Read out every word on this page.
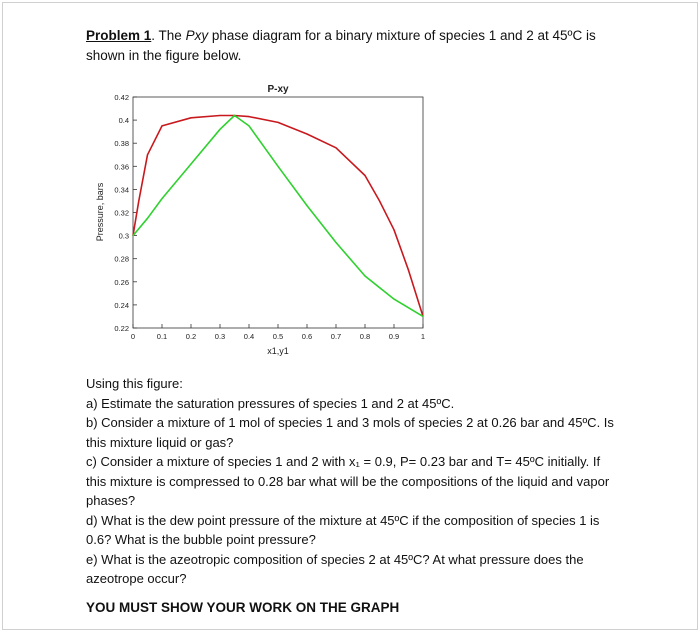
Problem 1. The Pxy phase diagram for a binary mixture of species 1 and 2 at 45ºC is shown in the figure below.
P-xy
0.22
0.24
0.26
0.28
0.3
0.32
0.34
0.36
0.38
0.4
0.42
0	0.1 0.2 0.3 0.4 0.5 0.6 0.7 0.8 0.9	1
x1,y1
Pressure, bars

Using this figure:

a) Estimate the saturation pressures of species 1 and 2 at 45ºC.

b) Consider a mixture of 1 mol of species 1 and 3 mols of species 2 at 0.26 bar and 45ºC. Is this mixture liquid or gas?

c) Consider a mixture of species 1 and 2 with x₁ = 0.9, P= 0.23 bar and T= 45ºC initially. If this mixture is compressed to 0.28 bar what will be the compositions of the liquid and vapor phases?

d) What is the dew point pressure of the mixture at 45ºC if the composition of species 1 is 0.6? What is the bubble point pressure?

e) What is the azeotropic composition of species 2 at 45ºC? At what pressure does the azeotrope occur?

YOU MUST SHOW YOUR WORK ON THE GRAPH
